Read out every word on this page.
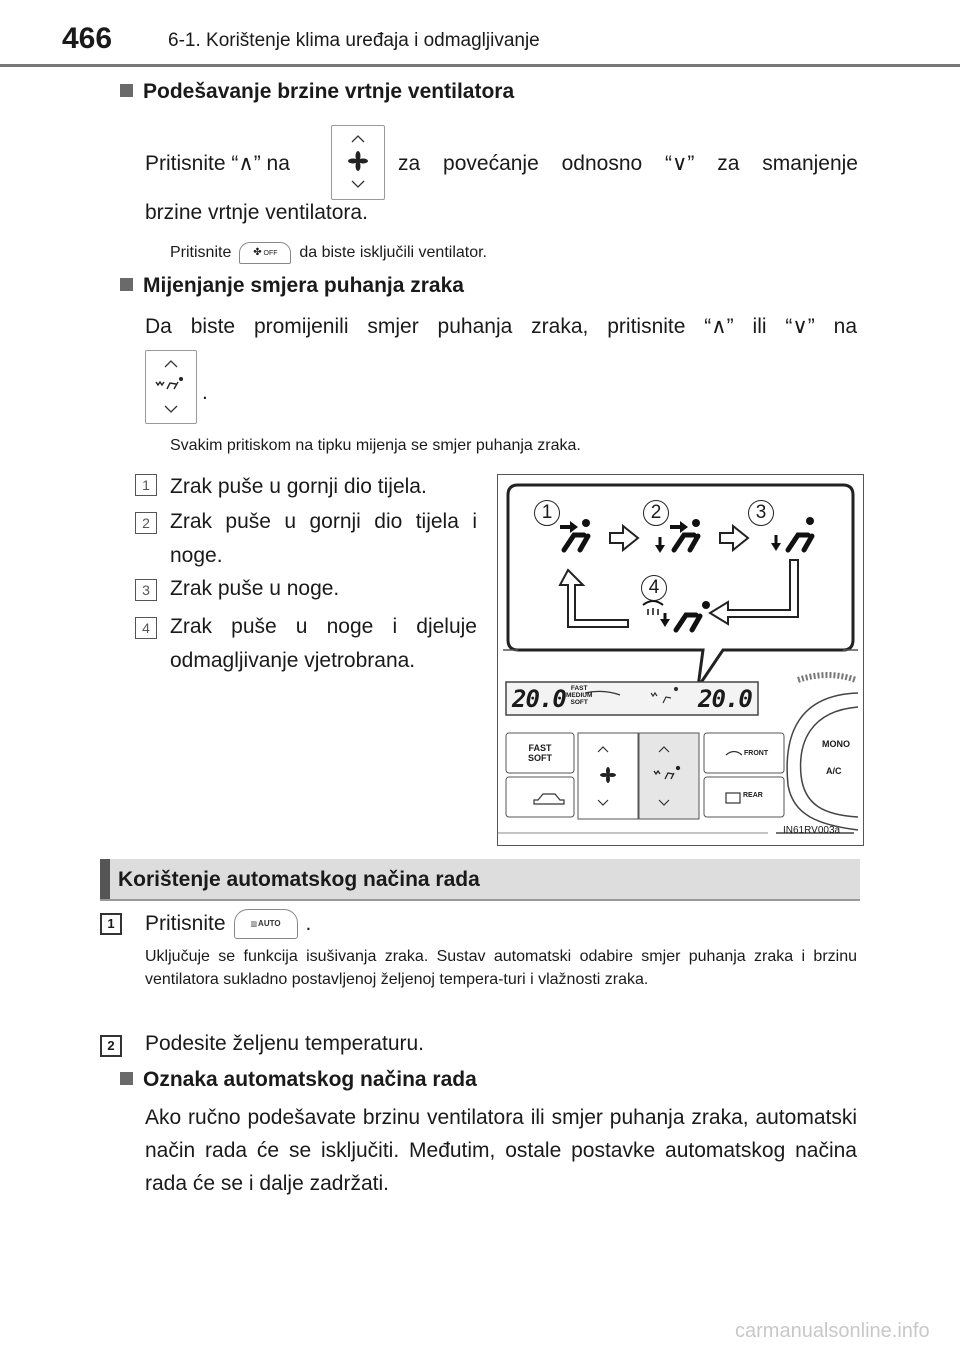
466	6-1. Korištenje klima uređaja i odmagljivanje
Podešavanje brzine vrtnje ventilatora
Pritisnite “∧” na	za povećanje odnosno “∨” za smanjenje
brzine vrtnje ventilatora.
Pritisnite	✤ OFF	da biste isključili ventilator.
Mijenjanje smjera puhanja zraka
Da biste promijenili smjer puhanja zraka, pritisnite “∧” ili “∨” na
.
Svakim pritiskom na tipku mijenja se smjer puhanja zraka.
1 Zrak puše u gornji dio tijela.
2 Zrak puše u gornji dio tijela i noge.
3 Zrak puše u noge.
4 Zrak puše u noge i djeluje odmagljivanje vjetrobrana.
1	2	3
4
20.0	20.0
FAST
MEDIUM
SOFT
FAST
SOFT	FRONT
REAR
MONO
A/C
IN61RV003a
Korištenje automatskog načina rada
1	Pritisnite	▥ AUTO	.
Uključuje se funkcija isušivanja zraka. Sustav automatski odabire smjer puhanja zraka i brzinu ventilatora sukladno postavljenoj željenoj tempera-turi i vlažnosti zraka.
2	Podesite željenu temperaturu.
Oznaka automatskog načina rada
Ako ručno podešavate brzinu ventilatora ili smjer puhanja zraka, automatski način rada će se isključiti. Međutim, ostale postavke automatskog načina rada će se i dalje zadržati.
carmanualsonline.info
